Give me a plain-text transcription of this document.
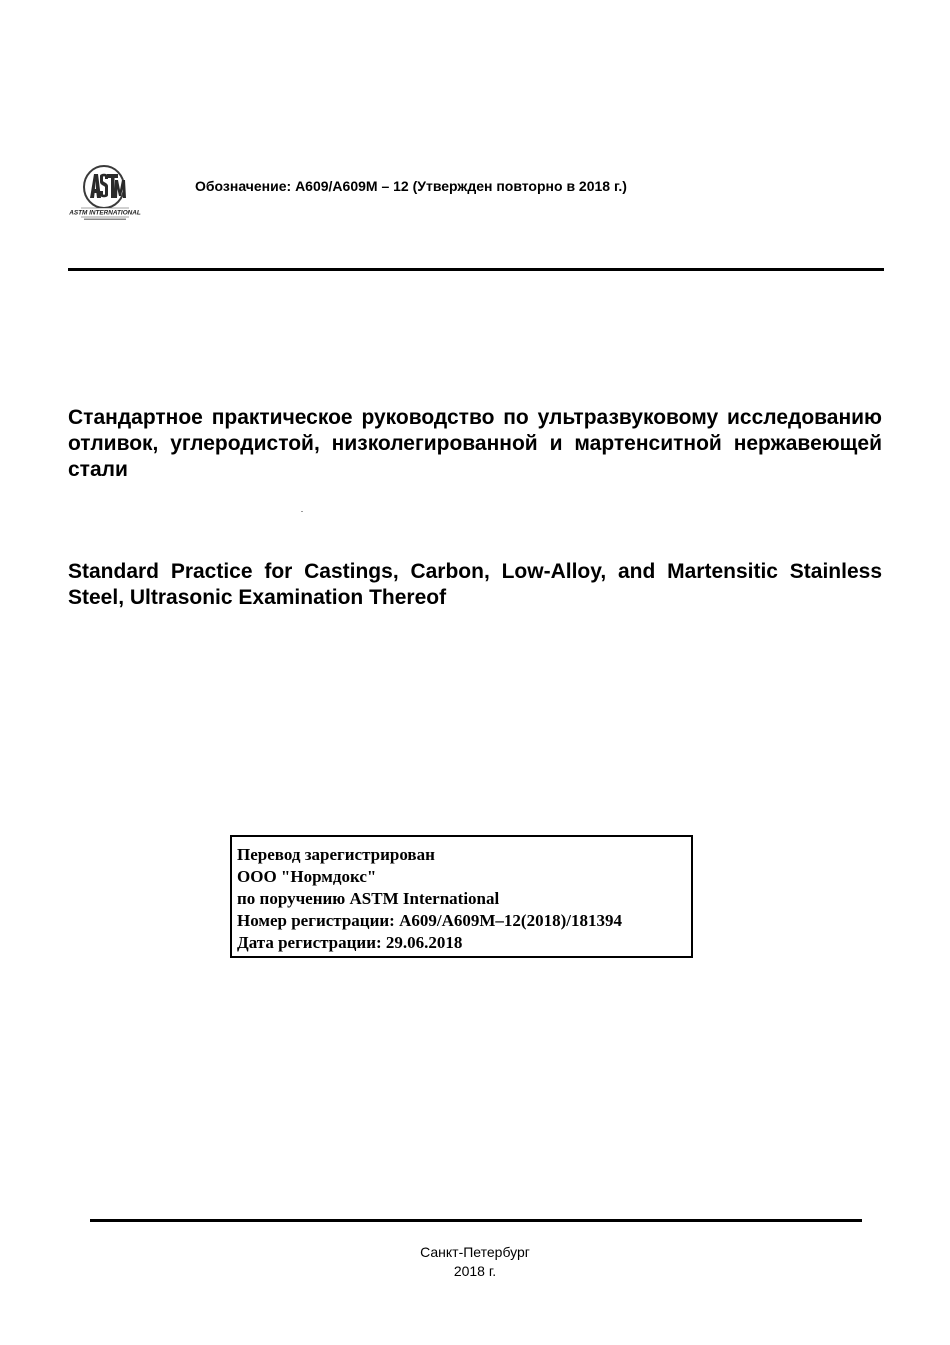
ASTM INTERNATIONAL
Обозначение: A609/A609M – 12 (Утвержден повторно в 2018 г.)
Стандартное практическое руководство по ультразвуковому исследованию отливок, углеродистой, низколегированной и мартенситной нержавеющей стали
Standard Practice for Castings, Carbon, Low-Alloy, and Martensitic Stainless Steel, Ultrasonic Examination Thereof
Перевод зарегистрирован
ООО "Нормдокс"
по поручению ASTM International
Номер регистрации: A609/A609M–12(2018)/181394
Дата регистрации: 29.06.2018
Санкт-Петербург
2018 г.
